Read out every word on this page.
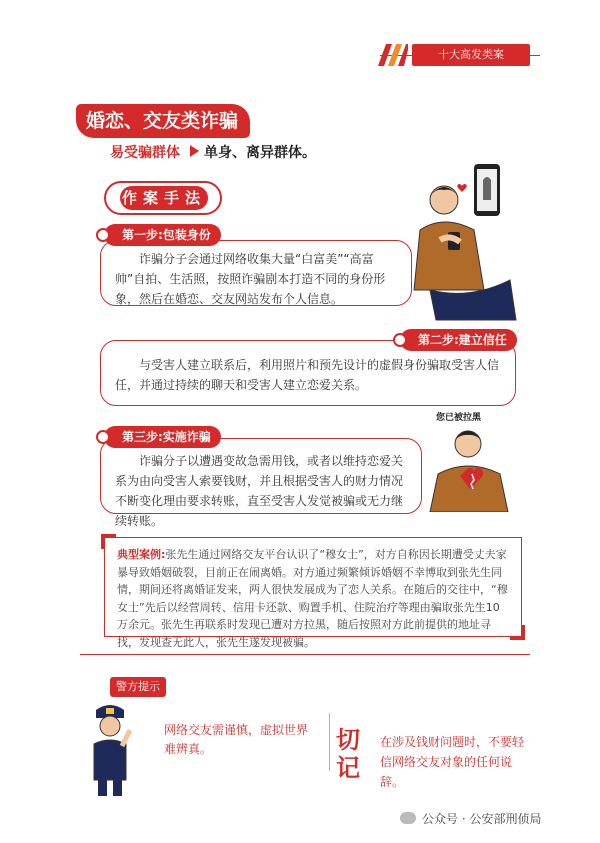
十大高发类案
婚恋、交友类诈骗
易受骗群体 单身、离异群体。
作案手法

诈骗分子会通过网络收集大量“白富美”“高富帅”自拍、生活照，按照诈骗剧本打造不同的身份形象，然后在婚恋、交友网站发布个人信息。

第一步:包装身份

与受害人建立联系后，利用照片和预先设计的虚假身份骗取受害人信任，并通过持续的聊天和受害人建立恋爱关系。

第二步:建立信任
您已被拉黑

诈骗分子以遭遇变故急需用钱，或者以维持恋爱关系为由向受害人索要钱财，并且根据受害人的财力情况不断变化理由要求转账，直至受害人发觉被骗或无力继续转账。

第三步:实施诈骗
典型案例:张先生通过网络交友平台认识了“穆女士”，对方自称因长期遭受丈夫家暴导致婚姻破裂，目前正在闹离婚。对方通过频繁倾诉婚姻不幸博取到张先生同情，期间还将离婚证发来，两人很快发展成为了恋人关系。在随后的交往中，“穆女士”先后以经营周转、信用卡还款、购置手机、住院治疗等理由骗取张先生10万余元。张先生再联系时发现已遭对方拉黑，随后按照对方此前提供的地址寻找，发现查无此人，张先生遂发现被骗。
警方提示
网络交友需谨慎，虚拟世界难辨真。	切记
在涉及钱财问题时，不要轻信网络交友对象的任何说辞。
公众号 · 公安部刑侦局
